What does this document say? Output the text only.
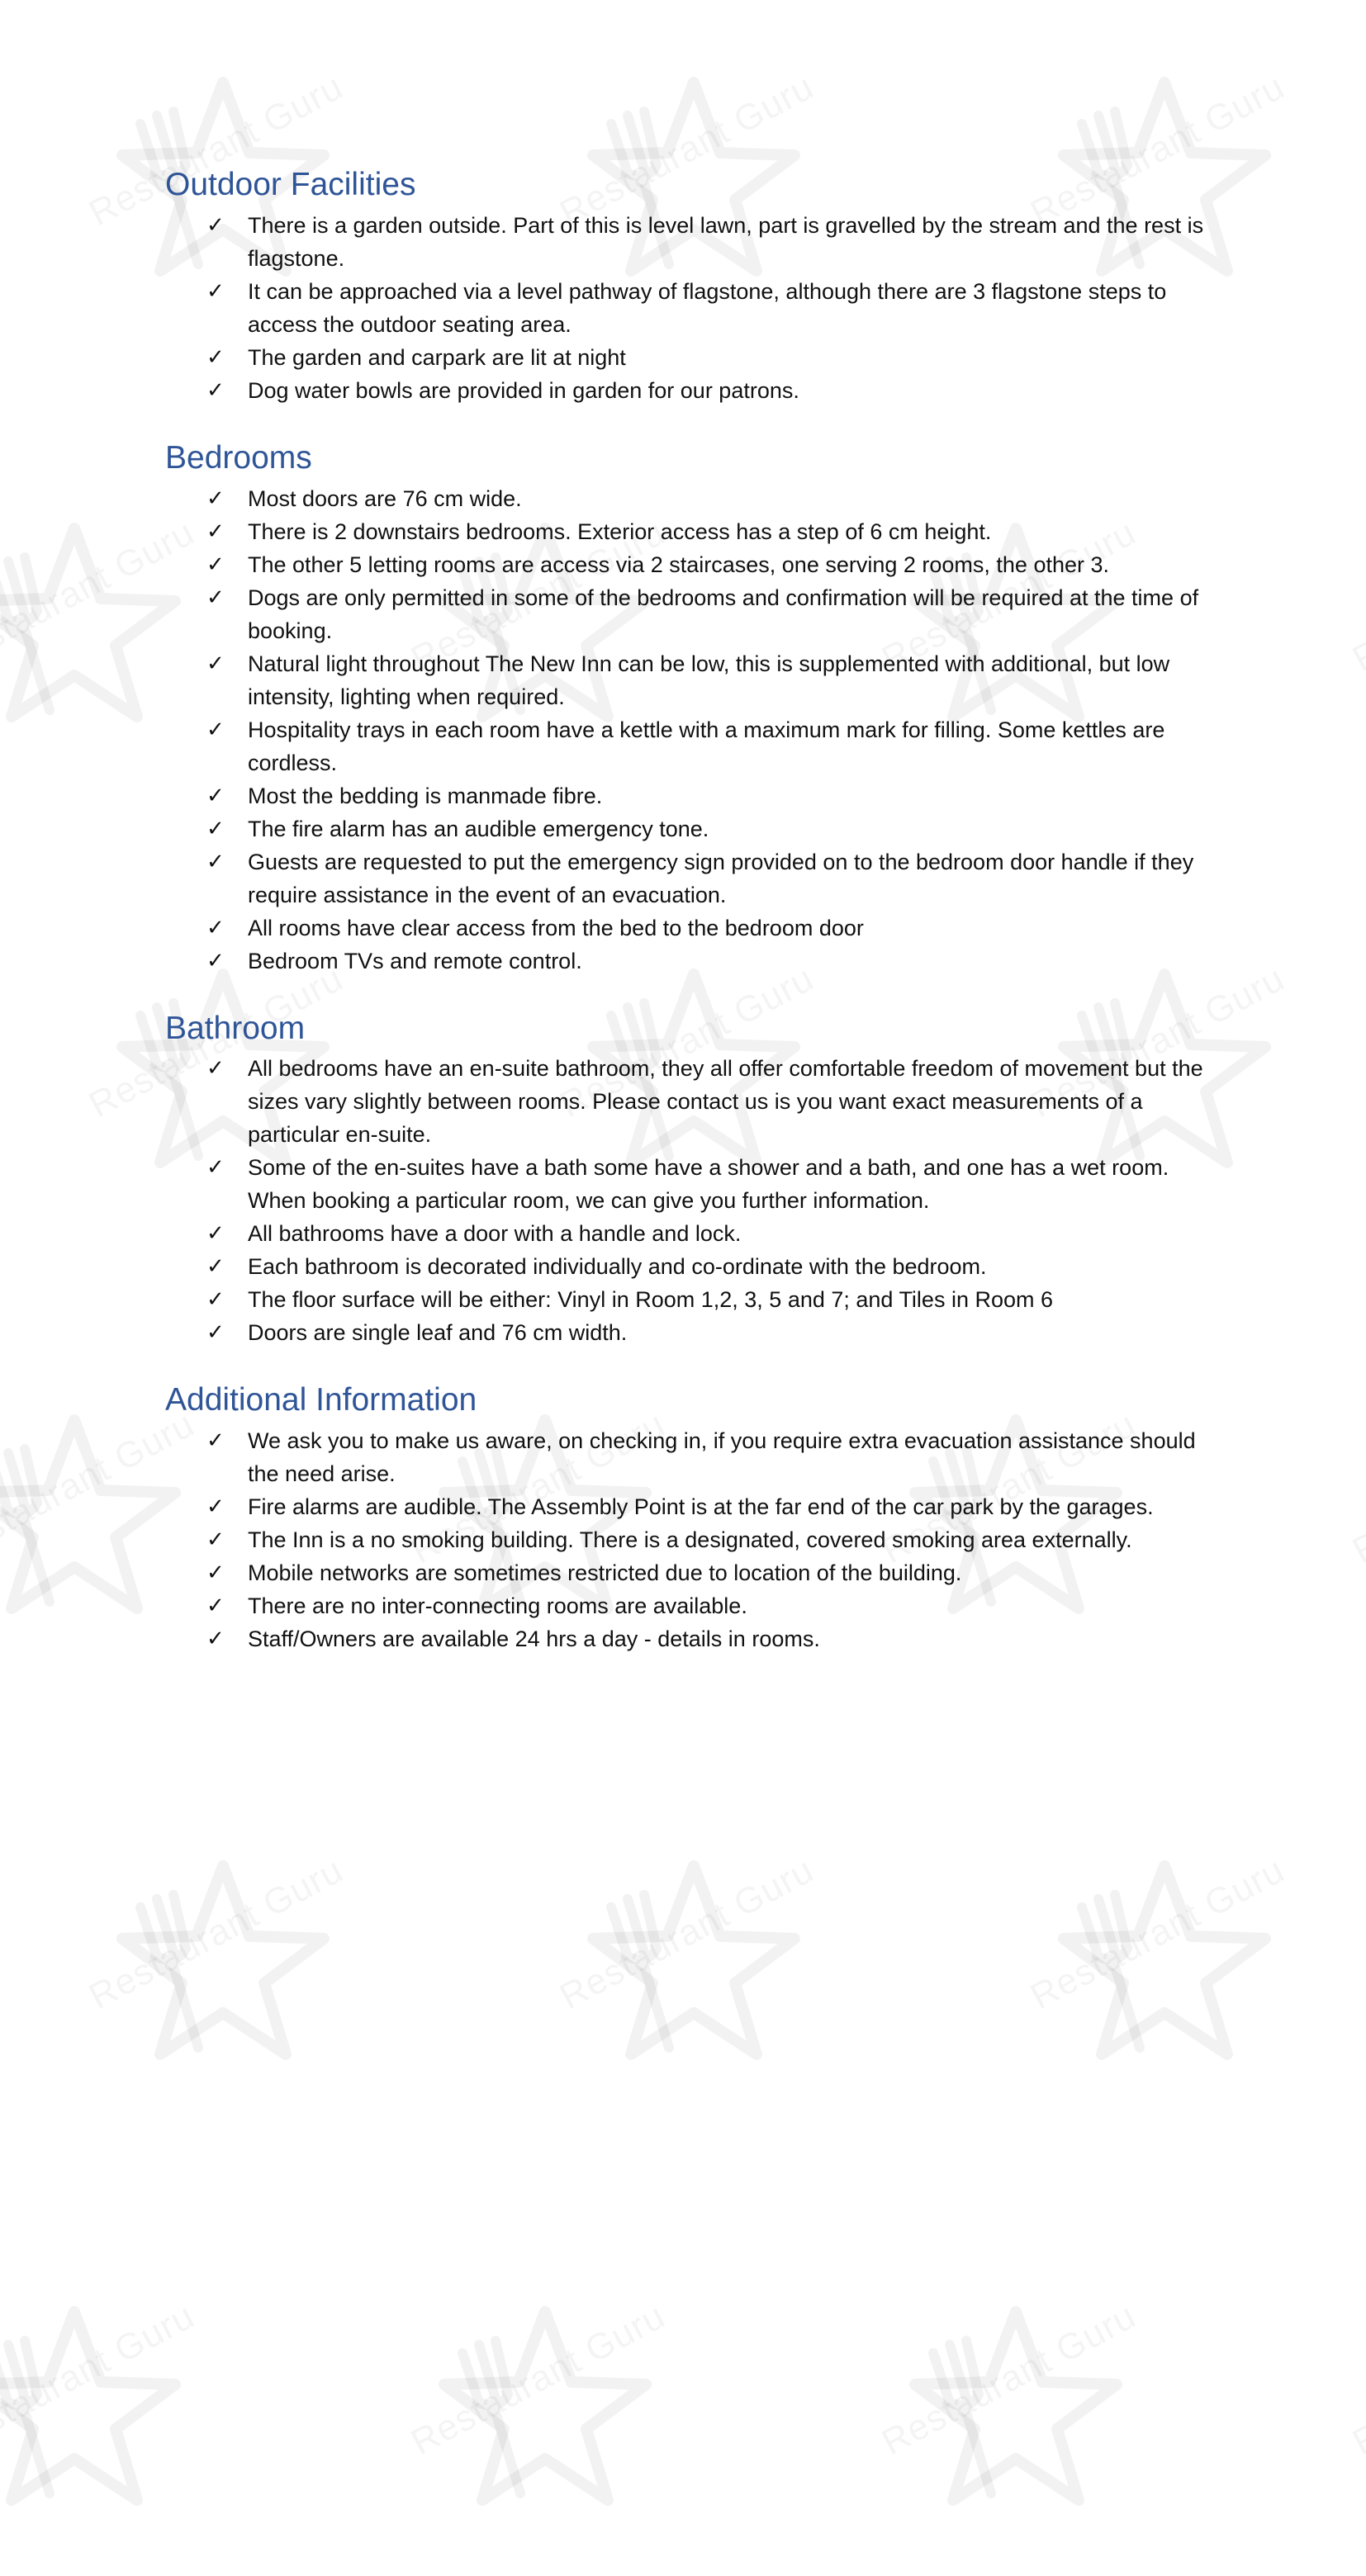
Outdoor Facilities
✓ There is a garden outside. Part of this is level lawn, part is gravelled by the stream and the rest is flagstone.
✓ It can be approached via a level pathway of flagstone, although there are 3 flagstone steps to access the outdoor seating area.
✓ The garden and carpark are lit at night
✓ Dog water bowls are provided in garden for our patrons.
Bedrooms
✓ Most doors are 76 cm wide.
✓ There is 2 downstairs bedrooms. Exterior access has a step of 6 cm height.
✓ The other 5 letting rooms are access via 2 staircases, one serving 2 rooms, the other 3.
✓ Dogs are only permitted in some of the bedrooms and confirmation will be required at the time of booking.
✓ Natural light throughout The New Inn can be low, this is supplemented with additional, but low intensity, lighting when required.
✓ Hospitality trays in each room have a kettle with a maximum mark for filling. Some kettles are cordless.
✓ Most the bedding is manmade fibre.
✓ The fire alarm has an audible emergency tone.
✓ Guests are requested to put the emergency sign provided on to the bedroom door handle if they require assistance in the event of an evacuation.
✓ All rooms have clear access from the bed to the bedroom door
✓ Bedroom TVs and remote control.
Bathroom
✓ All bedrooms have an en-suite bathroom, they all offer comfortable freedom of movement but the sizes vary slightly between rooms. Please contact us is you want exact measurements of a particular en-suite.
✓ Some of the en-suites have a bath some have a shower and a bath, and one has a wet room. When booking a particular room, we can give you further information.
✓ All bathrooms have a door with a handle and lock.
✓ Each bathroom is decorated individually and co-ordinate with the bedroom.
✓ The floor surface will be either: Vinyl in Room 1,2, 3, 5 and 7; and Tiles in Room 6
✓ Doors are single leaf and 76 cm width.
Additional Information
✓ We ask you to make us aware, on checking in, if you require extra evacuation assistance should the need arise.
✓ Fire alarms are audible. The Assembly Point is at the far end of the car park by the garages.
✓ The Inn is a no smoking building. There is a designated, covered smoking area externally.
✓ Mobile networks are sometimes restricted due to location of the building.
✓ There are no inter-connecting rooms are available.
✓ Staff/Owners are available 24 hrs a day - details in rooms.
